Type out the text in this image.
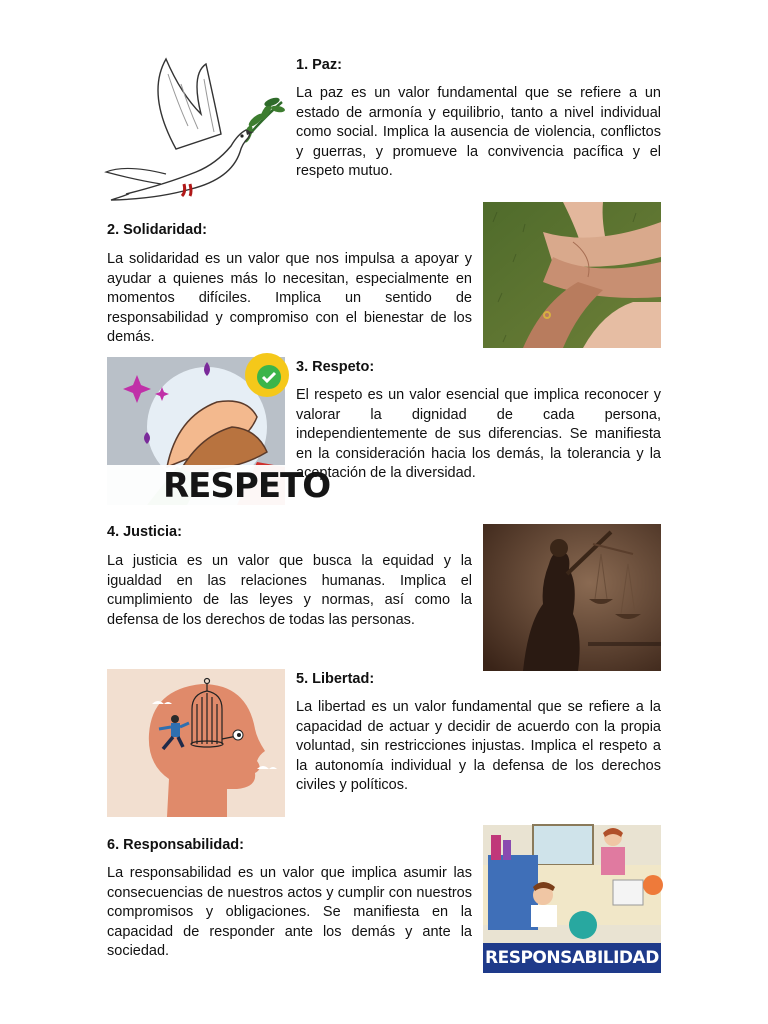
1. Paz:
La paz es un valor fundamental que se refiere a un estado de armonía y equilibrio, tanto a nivel individual como social. Implica la ausencia de violencia, conflictos y guerras, y promueve la convivencia pacífica y el respeto mutuo.
2. Solidaridad:
La solidaridad es un valor que nos impulsa a apoyar y ayudar a quienes más lo necesitan, especialmente en momentos difíciles. Implica un sentido de responsabilidad y compromiso con el bienestar de los demás.
RESPETO
3. Respeto:
El respeto es un valor esencial que implica reconocer y valorar la dignidad de cada persona, independientemente de sus diferencias. Se manifiesta en la consideración hacia los demás, la tolerancia y la aceptación de la diversidad.
4. Justicia:
La justicia es un valor que busca la equidad y la igualdad en las relaciones humanas. Implica el cumplimiento de las leyes y normas, así como la defensa de los derechos de todas las personas.
5. Libertad:
La libertad es un valor fundamental que se refiere a la capacidad de actuar y decidir de acuerdo con la propia voluntad, sin restricciones injustas. Implica el respeto a la autonomía individual y la defensa de los derechos civiles y políticos.
6. Responsabilidad:
La responsabilidad es un valor que implica asumir las consecuencias de nuestros actos y cumplir con nuestros compromisos y obligaciones. Se manifiesta en la capacidad de responder ante los demás y ante la sociedad.	RESPONSABILIDAD
